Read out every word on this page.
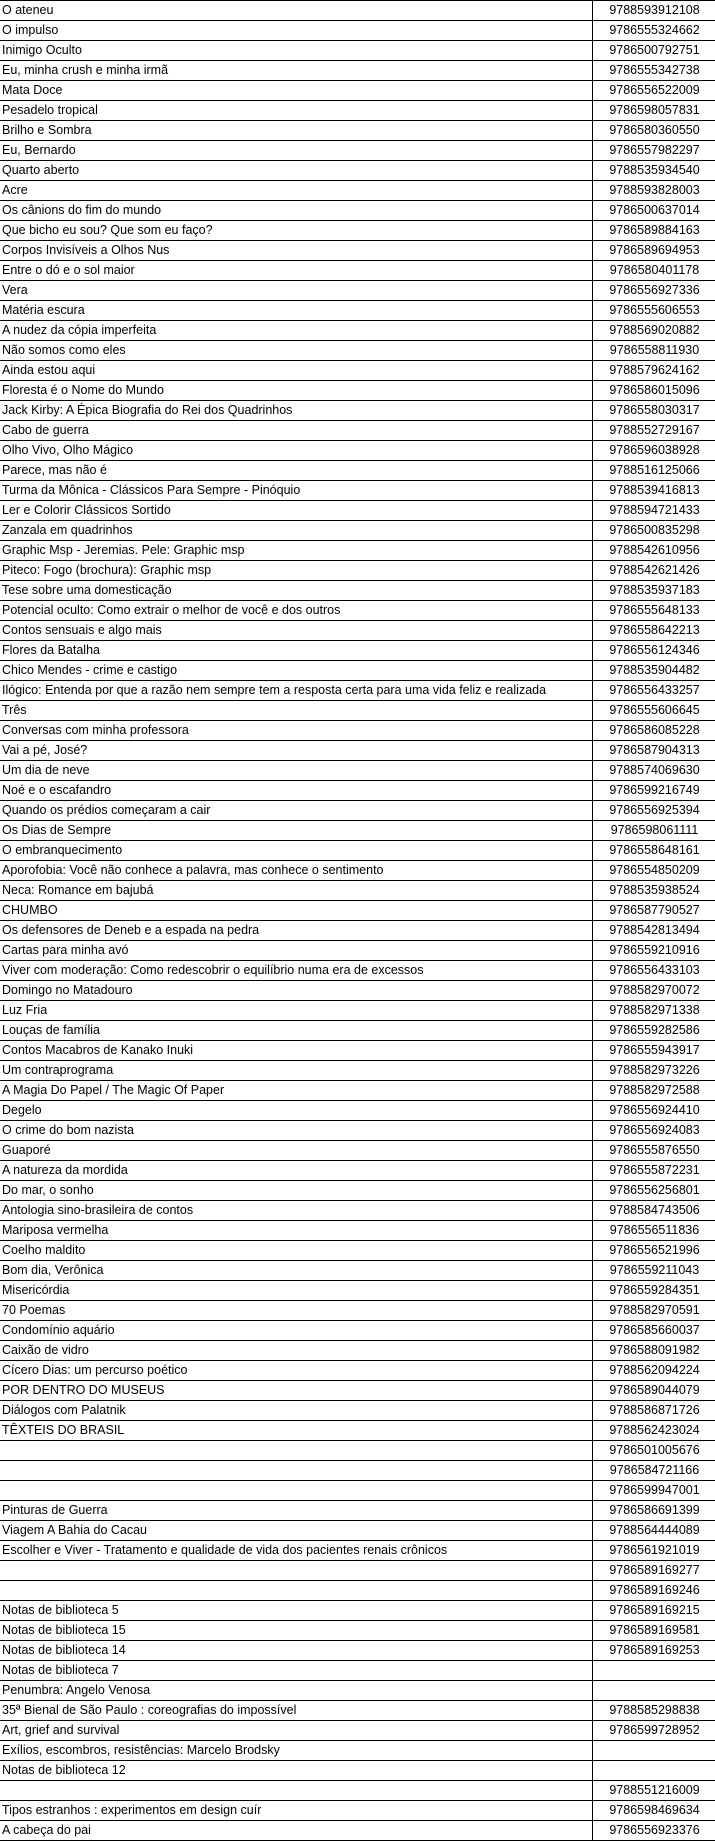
O ateneu	9788593912108
O impulso	9786555324662
Inimigo Oculto	9786500792751
Eu, minha crush e minha irmã	9786555342738
Mata Doce	9786556522009
Pesadelo tropical	9786598057831
Brilho e Sombra	9786580360550
Eu, Bernardo	9786557982297
Quarto aberto	9788535934540
Acre	9788593828003
Os cânions do fim do mundo	9786500637014
Que bicho eu sou? Que som eu faço?	9786589884163
Corpos Invisíveis a Olhos Nus	9786589694953
Entre o dó e o sol maior	9786580401178
Vera	9786556927336
Matéria escura	9786555606553
A nudez da cópia imperfeita	9788569020882
Não somos como eles	9786558811930
Ainda estou aqui	9788579624162
Floresta é o Nome do Mundo	9786586015096
Jack Kirby: A Épica Biografia do Rei dos Quadrinhos	9786558030317
Cabo de guerra	9788552729167
Olho Vivo, Olho Mágico	9786596038928
Parece, mas não é	9788516125066
Turma da Mônica - Clássicos Para Sempre - Pinóquio	9788539416813
Ler e Colorir Clássicos Sortido	9788594721433
Zanzala em quadrinhos	9786500835298
Graphic Msp - Jeremias. Pele: Graphic msp	9788542610956
Piteco: Fogo (brochura): Graphic msp	9788542621426
Tese sobre uma domesticação	9788535937183
Potencial oculto: Como extrair o melhor de você e dos outros	9786555648133
Contos sensuais e algo mais	9786558642213
Flores da Batalha	9786556124346
Chico Mendes - crime e castigo	9788535904482
Ilógico: Entenda por que a razão nem sempre tem a resposta certa para uma vida feliz e realizada	9786556433257
Três	9786555606645
Conversas com minha professora	9786586085228
Vai a pé, José?	9786587904313
Um dia de neve	9788574069630
Noé e o escafandro	9786599216749
Quando os prédios começaram a cair	9786556925394
Os Dias de Sempre	9786598061111
O embranquecimento	9786558648161
Aporofobia: Você não conhece a palavra, mas conhece o sentimento	9786554850209
Neca: Romance em bajubá	9788535938524
CHUMBO	9786587790527
Os defensores de Deneb e a espada na pedra	9788542813494
Cartas para minha avó	9786559210916
Viver com moderação: Como redescobrir o equilíbrio numa era de excessos	9786556433103
Domingo no Matadouro	9788582970072
Luz Fria	9788582971338
Louças de família	9786559282586
Contos Macabros de Kanako Inuki	9786555943917
Um contraprograma	9788582973226
A Magia Do Papel / The Magic Of Paper	9788582972588
Degelo	9786556924410
O crime do bom nazista	9786556924083
Guaporé	9786555876550
A natureza da mordida	9786555872231
Do mar, o sonho	9786556256801
Antologia sino-brasileira de contos	9788584743506
Mariposa vermelha	9786556511836
Coelho maldito	9786556521996
Bom dia, Verônica	9786559211043
Misericórdia	9786559284351
70 Poemas	9788582970591
Condomínio aquário	9786585660037
Caixão de vidro	9786588091982
Cícero Dias: um percurso poético	9788562094224
POR DENTRO DO MUSEUS	9786589044079
Diálogos com Palatnik	9788586871726
TÊXTEIS DO BRASIL	9788562423024
	9786501005676
	9786584721166
	9786599947001
Pinturas de Guerra	9786586691399
Viagem A Bahia do Cacau	9788564444089
Escolher e Viver - Tratamento e qualidade de vida dos pacientes renais crônicos	9786561921019
	9786589169277
	9786589169246
Notas de biblioteca 5	9786589169215
Notas de biblioteca 15	9786589169581
Notas de biblioteca 14	9786589169253
Notas de biblioteca 7	
Penumbra: Angelo Venosa	
35ª Bienal de São Paulo : coreografias do impossível	9788585298838
Art, grief and survival	9786599728952
Exílios, escombros, resistências: Marcelo Brodsky	
Notas de biblioteca 12	
	9788551216009
Tipos estranhos : experimentos em design cuír	9786598469634
A cabeça do pai	9786556923376
